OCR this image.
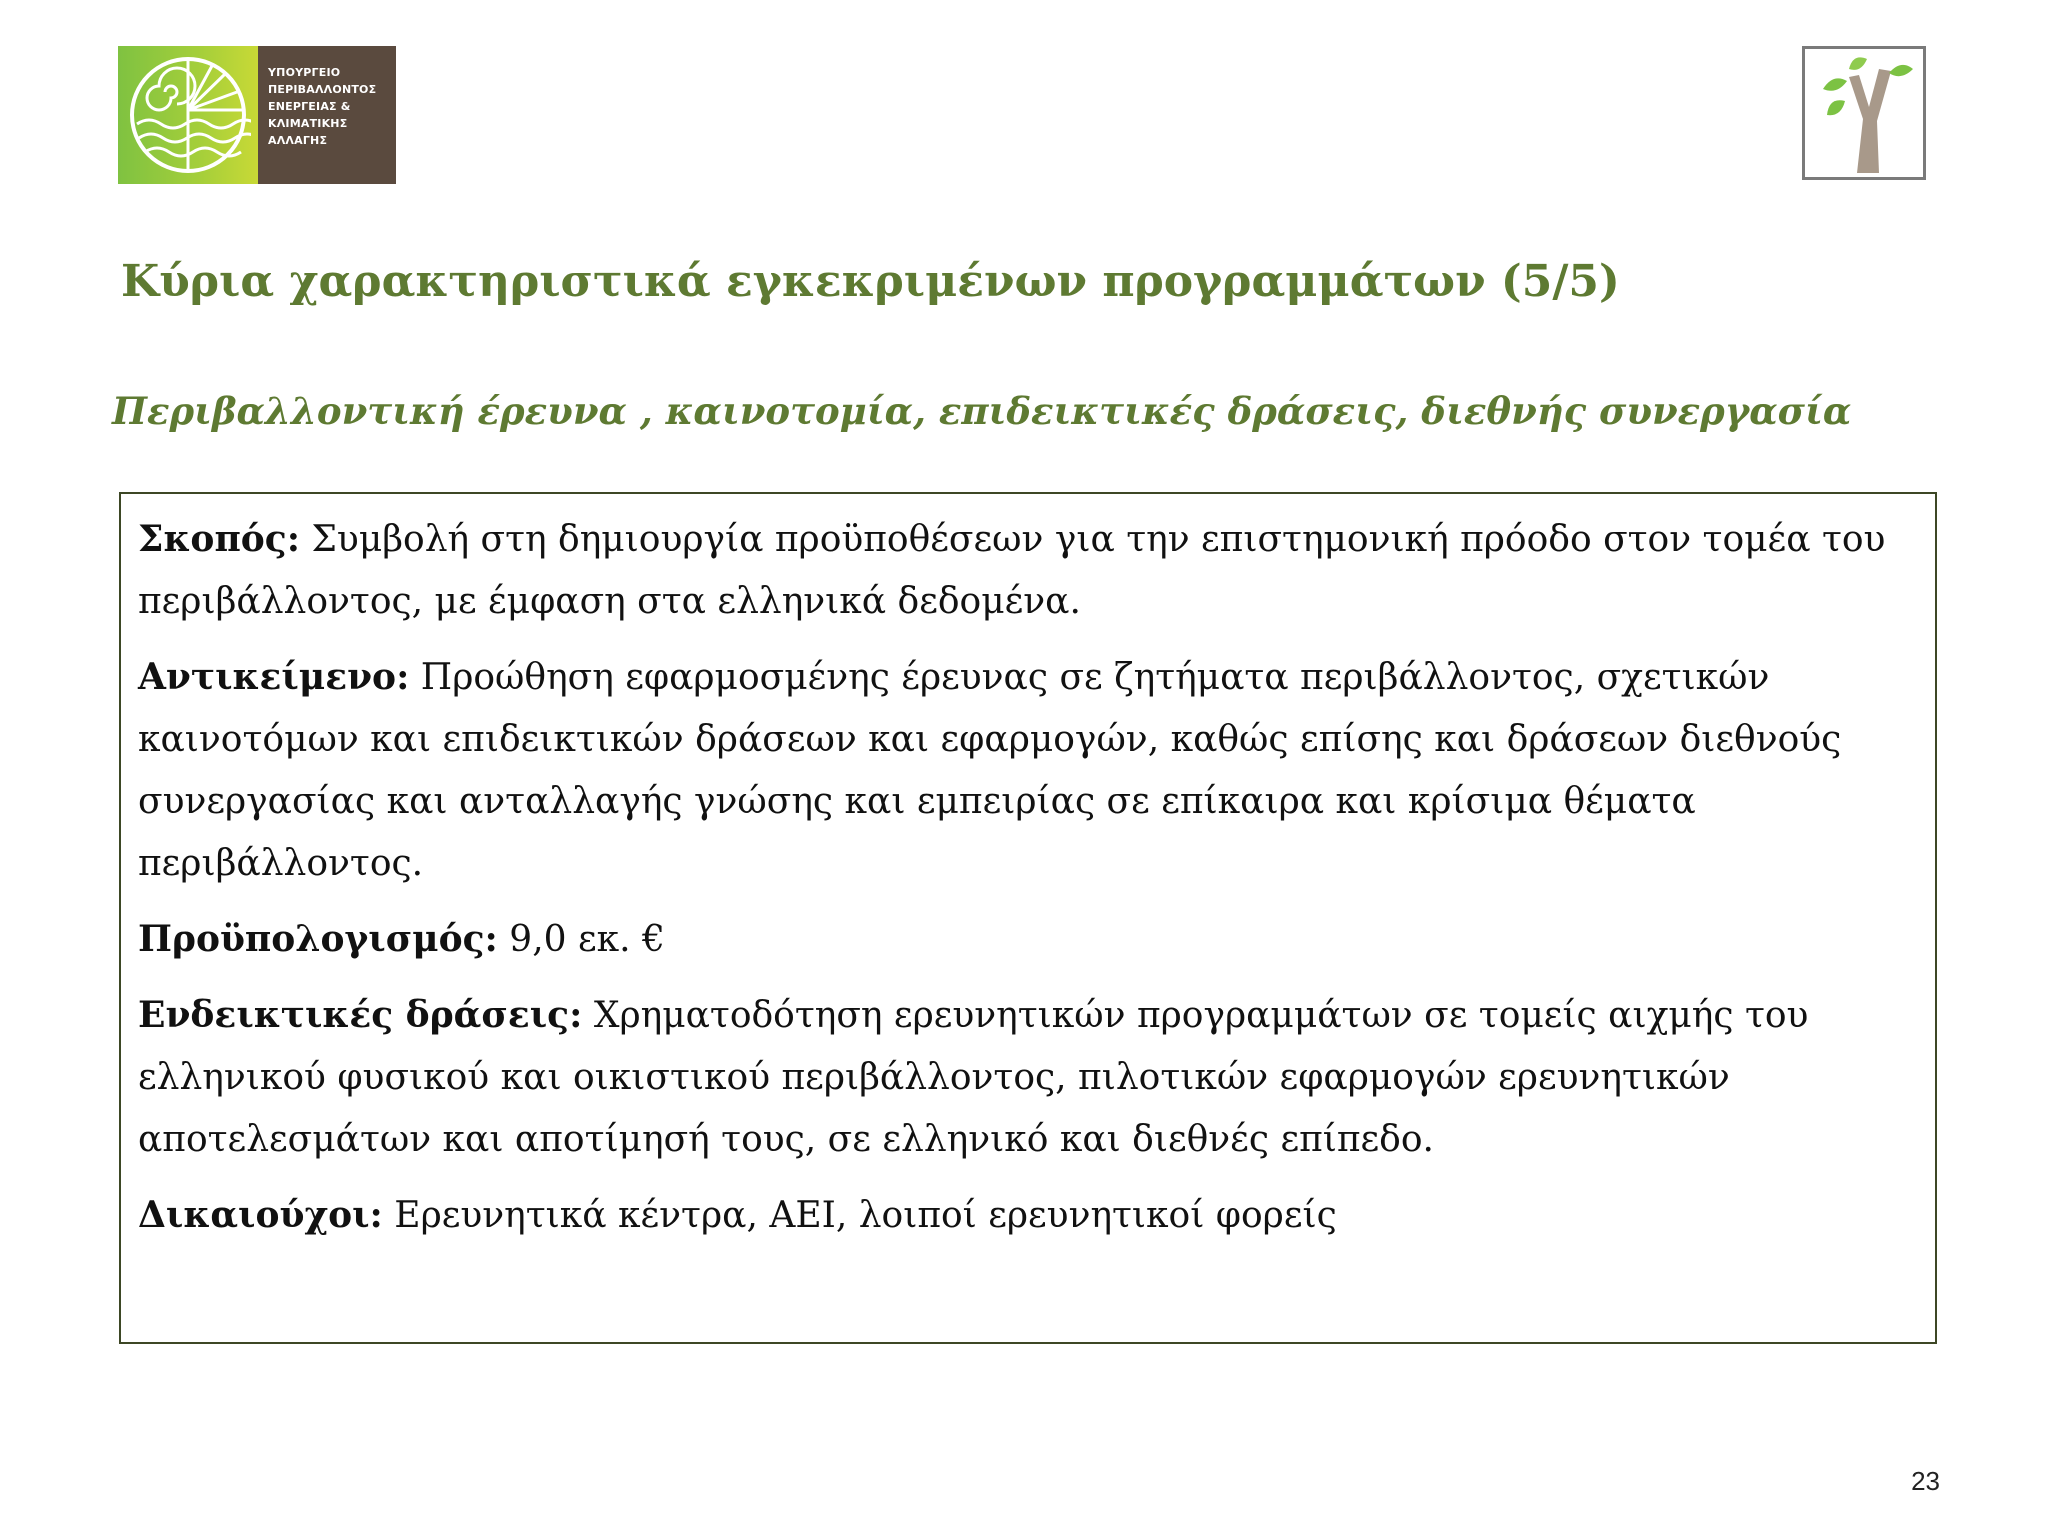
ΥΠΟΥΡΓΕΙΟ
ΠΕΡΙΒΑΛΛΟΝΤΟΣ
ΕΝΕΡΓΕΙΑΣ &
ΚΛΙΜΑΤΙΚΗΣ
ΑΛΛΑΓΗΣ
Κύρια χαρακτηριστικά εγκεκριμένων προγραμμάτων (5/5)
Περιβαλλοντική έρευνα , καινοτομία, επιδεικτικές δράσεις, διεθνής συνεργασία

Σκοπός: Συμβολή στη δημιουργία προϋποθέσεων για την επιστημονική πρόοδο στον τομέα του περιβάλλοντος, με έμφαση στα ελληνικά δεδομένα.

Αντικείμενο: Προώθηση εφαρμοσμένης έρευνας σε ζητήματα περιβάλλοντος, σχετικών καινοτόμων και επιδεικτικών δράσεων και εφαρμογών, καθώς επίσης και δράσεων διεθνούς συνεργασίας και ανταλλαγής γνώσης και εμπειρίας σε επίκαιρα και κρίσιμα θέματα περιβάλλοντος.

Προϋπολογισμός: 9,0 εκ. €

Ενδεικτικές δράσεις: Χρηματοδότηση ερευνητικών προγραμμάτων σε τομείς αιχμής του ελληνικού φυσικού και οικιστικού περιβάλλοντος, πιλοτικών εφαρμογών ερευνητικών αποτελεσμάτων και αποτίμησή τους, σε ελληνικό και διεθνές επίπεδο.

Δικαιούχοι: Ερευνητικά κέντρα, ΑΕΙ, λοιποί ερευνητικοί φορείς

23
